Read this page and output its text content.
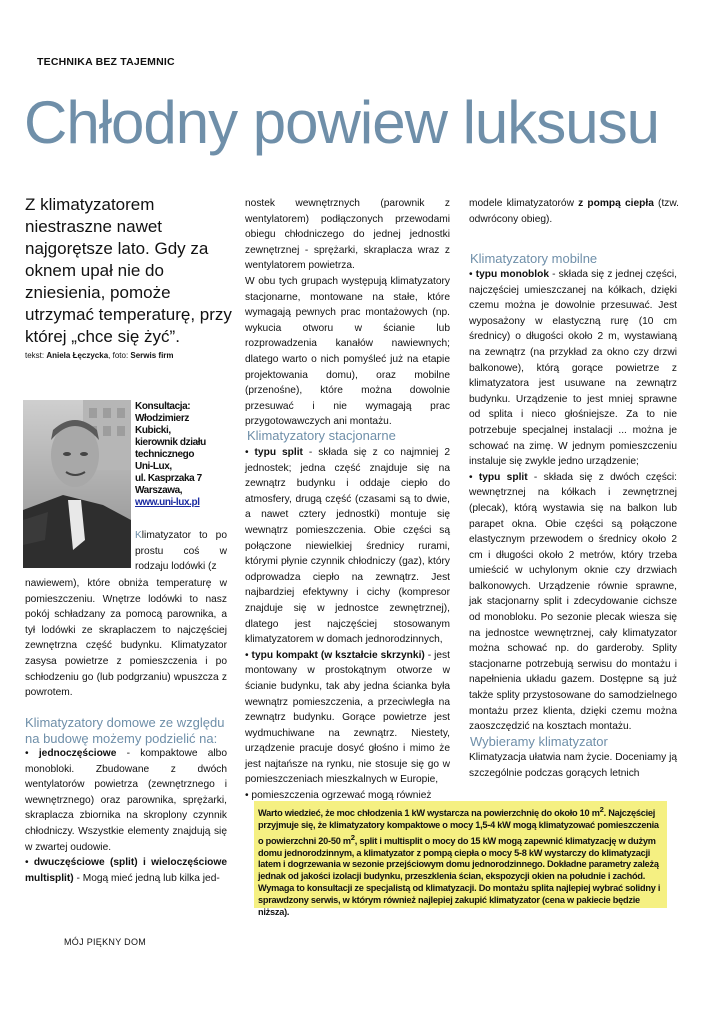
TECHNIKA BEZ TAJEMNIC
Chłodny powiew luksusu
Z klimatyzatorem niestraszne nawet najgorętsze lato. Gdy za oknem upał nie do zniesienia, pomoże utrzymać temperaturę, przy której „chce się żyć”.
tekst: Aniela Łęczycka, foto: Serwis firm
Konsultacja:
Włodzimierz
Kubicki,
kierownik działu
technicznego
Uni-Lux,
ul. Kasprzaka 7
Warszawa,
www.uni-lux.pl
Klimatyzator to po prostu coś w rodzaju lodówki (z
nawiewem), które obniża temperaturę w pomieszczeniu. Wnętrze lodówki to nasz pokój schładzany za pomocą parownika, a tył lodówki ze skraplaczem to najczęściej zewnętrzna część budynku. Klimatyzator zasysa powietrze z pomieszczenia i po schłodzeniu go (lub podgrzaniu) wpuszcza z powrotem.
Klimatyzatory domowe ze względu na budowę możemy podzielić na:

• jednoczęściowe - kompaktowe albo monobloki. Zbudowane z dwóch wentylatorów powietrza (zewnętrznego i wewnętrznego) oraz parownika, sprężarki, skraplacza zbiornika na skroplony czynnik chłodniczy. Wszystkie elementy znajdują się w zwartej oudowie.

• dwuczęściowe (split) i wieloczęściowe multisplit) - Mogą mieć jedną lub kilka jed-

nostek wewnętrznych (parownik z wentylatorem) podłączonych przewodami obiegu chłodniczego do jednej jednostki zewnętrznej - sprężarki, skraplacza wraz z wentylatorem powietrza.

W obu tych grupach występują klimatyzatory stacjonarne, montowane na stałe, które wymagają pewnych prac montażowych (np. wykucia otworu w ścianie lub rozprowadzenia kanałów nawiewnych; dlatego warto o nich pomyśleć już na etapie projektowania domu), oraz mobilne (przenośne), które można dowolnie przesuwać i nie wymagają prac przygotowawczych ani montażu.

Klimatyzatory stacjonarne

• typu split - składa się z co najmniej 2 jednostek; jedna część znajduje się na zewnątrz budynku i oddaje ciepło do atmosfery, drugą część (czasami są to dwie, a nawet cztery jednostki) montuje się wewnątrz pomieszczenia. Obie części są połączone niewielkiej średnicy rurami, którymi płynie czynnik chłodniczy (gaz), który odprowadza ciepło na zewnątrz. Jest najbardziej efektywny i cichy (kompresor znajduje się w jednostce zewnętrznej), dlatego jest najczęściej stosowanym klimatyzatorem w domach jednorodzinnych,

• typu kompakt (w kształcie skrzynki) - jest montowany w prostokątnym otworze w ścianie budynku, tak aby jedna ścianka była wewnątrz pomieszczenia, a przeciwległa na zewnątrz budynku. Gorące powietrze jest wydmuchiwane na zewnątrz. Niestety, urządzenie pracuje dosyć głośno i mimo że jest najtańsze na rynku, nie stosuje się go w pomieszczeniach mieszkalnych w Europie,

• pomieszczenia ogrzewać mogą również

modele klimatyzatorów z pompą ciepła (tzw. odwrócony obieg).
Klimatyzatory mobilne

• typu monoblok - składa się z jednej części, najczęściej umieszczanej na kółkach, dzięki czemu można je dowolnie przesuwać. Jest wyposażony w elastyczną rurę (10 cm średnicy) o długości około 2 m, wystawianą na zewnątrz (na przykład za okno czy drzwi balkonowe), którą gorące powietrze z klimatyzatora jest usuwane na zewnątrz budynku. Urządzenie to jest mniej sprawne od splita i nieco głośniejsze. Za to nie potrzebuje specjalnej instalacji ... można je schować na zimę. W jednym pomieszczeniu instaluje się zwykle jedno urządzenie;

• typu split - składa się z dwóch części: wewnętrznej na kółkach i zewnętrznej (plecak), którą wystawia się na balkon lub parapet okna. Obie części są połączone elastycznym przewodem o średnicy około 2 cm i długości około 2 metrów, który trzeba umieścić w uchylonym oknie czy drzwiach balkonowych. Urządzenie równie sprawne, jak stacjonarny split i zdecydowanie cichsze od monobloku. Po sezonie plecak wiesza się na jednostce wewnętrznej, cały klimatyzator można schować np. do garderoby. Splity stacjonarne potrzebują serwisu do montażu i napełnienia układu gazem. Dostępne są już także splity przystosowane do samodzielnego montażu przez klienta, dzięki czemu można zaoszczędzić na kosztach montażu.

Wybieramy klimatyzator
Klimatyzacja ułatwia nam życie. Doceniamy ją szczególnie podczas gorących letnich
Warto wiedzieć, że moc chłodzenia 1 kW wystarcza na powierzchnię do około 10 $m^2$. Najczęściej przyjmuje się, że klimatyzatory kompaktowe o mocy 1,5-4 kW mogą klimatyzować pomieszczenia o powierzchni 20-50 $m^2$, split i multisplit o mocy do 15 kW mogą zapewnić klimatyzację w dużym domu jednorodzinnym, a klimatyzator z pompą ciepła o mocy 5-8 kW wystarczy do klimatyzacji latem i dogrzewania w sezonie przejściowym domu jednorodzinnego. Dokładne parametry zależą jednak od jakości izolacji budynku, przeszklenia ścian, ekspozycji okien na południe i zachód. Wymaga to konsultacji ze specjalistą od klimatyzacji. Do montażu splita najlepiej wybrać solidny i sprawdzony serwis, w którym również najlepiej zakupić klimatyzator (cena w pakiecie będzie niższa).
MÓJ PIĘKNY DOM
